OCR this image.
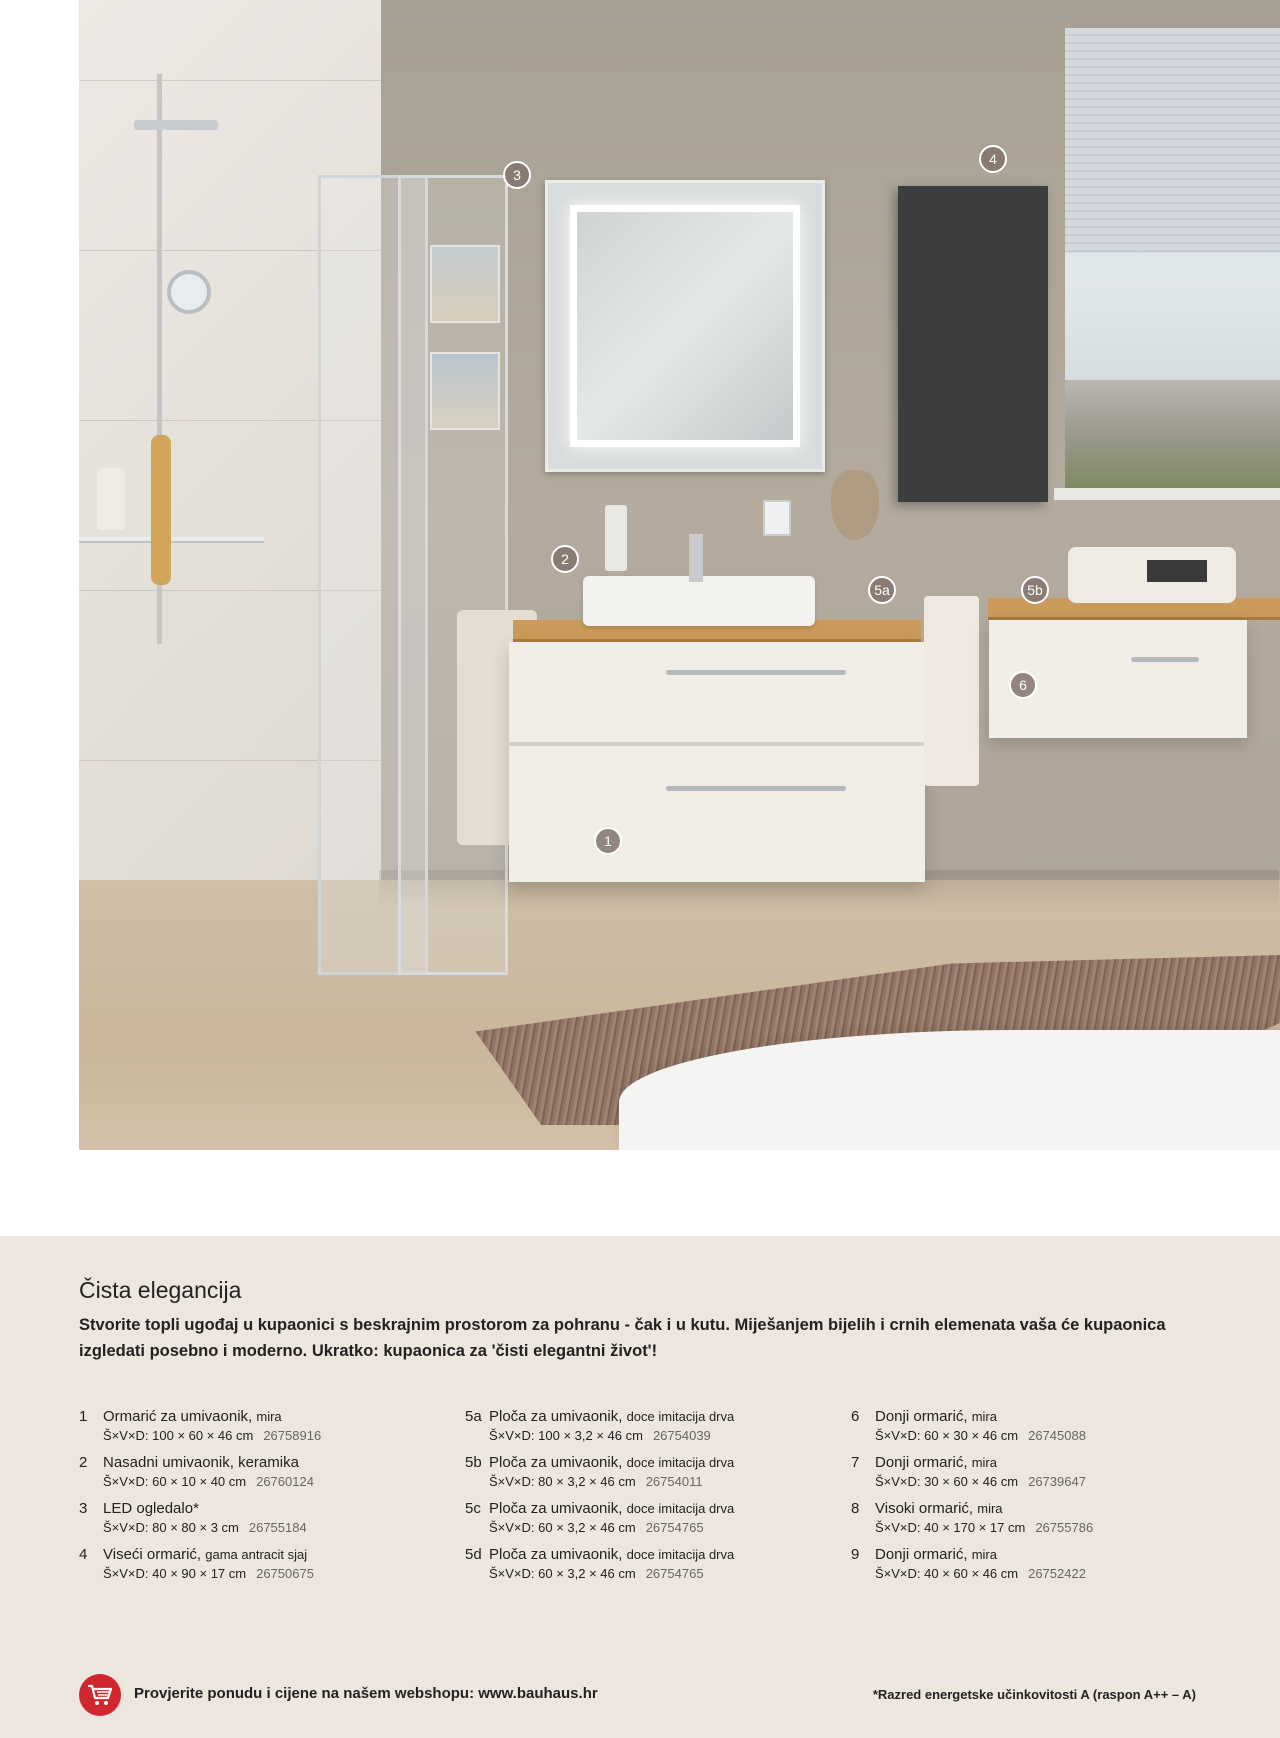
3
4
2
5a	5b
6
1
Čista elegancija
Stvorite topli ugođaj u kupaonici s beskrajnim prostorom za pohranu - čak i u kutu. Miješanjem bijelih i crnih elemenata vaša će kupaonica izgledati posebno i moderno. Ukratko: kupaonica za 'čisti elegantni život'!
1 Ormarić za umivaonik, mira
Š×V×D: 100 × 60 × 46 cm 26758916
2 Nasadni umivaonik, keramika
Š×V×D: 60 × 10 × 40 cm 26760124
3 LED ogledalo*
Š×V×D: 80 × 80 × 3 cm 26755184
4 Viseći ormarić, gama antracit sjaj
Š×V×D: 40 × 90 × 17 cm 26750675
5a Ploča za umivaonik, doce imitacija drva
Š×V×D: 100 × 3,2 × 46 cm 26754039
5b Ploča za umivaonik, doce imitacija drva
Š×V×D: 80 × 3,2 × 46 cm 26754011
5c Ploča za umivaonik, doce imitacija drva
Š×V×D: 60 × 3,2 × 46 cm 26754765
5d Ploča za umivaonik, doce imitacija drva
Š×V×D: 60 × 3,2 × 46 cm 26754765
6 Donji ormarić, mira
Š×V×D: 60 × 30 × 46 cm 26745088
7 Donji ormarić, mira
Š×V×D: 30 × 60 × 46 cm 26739647
8 Visoki ormarić, mira
Š×V×D: 40 × 170 × 17 cm 26755786
9 Donji ormarić, mira
Š×V×D: 40 × 60 × 46 cm 26752422
Provjerite ponudu i cijene na našem webshopu: www.bauhaus.hr	*Razred energetske učinkovitosti A (raspon A++ – A)
